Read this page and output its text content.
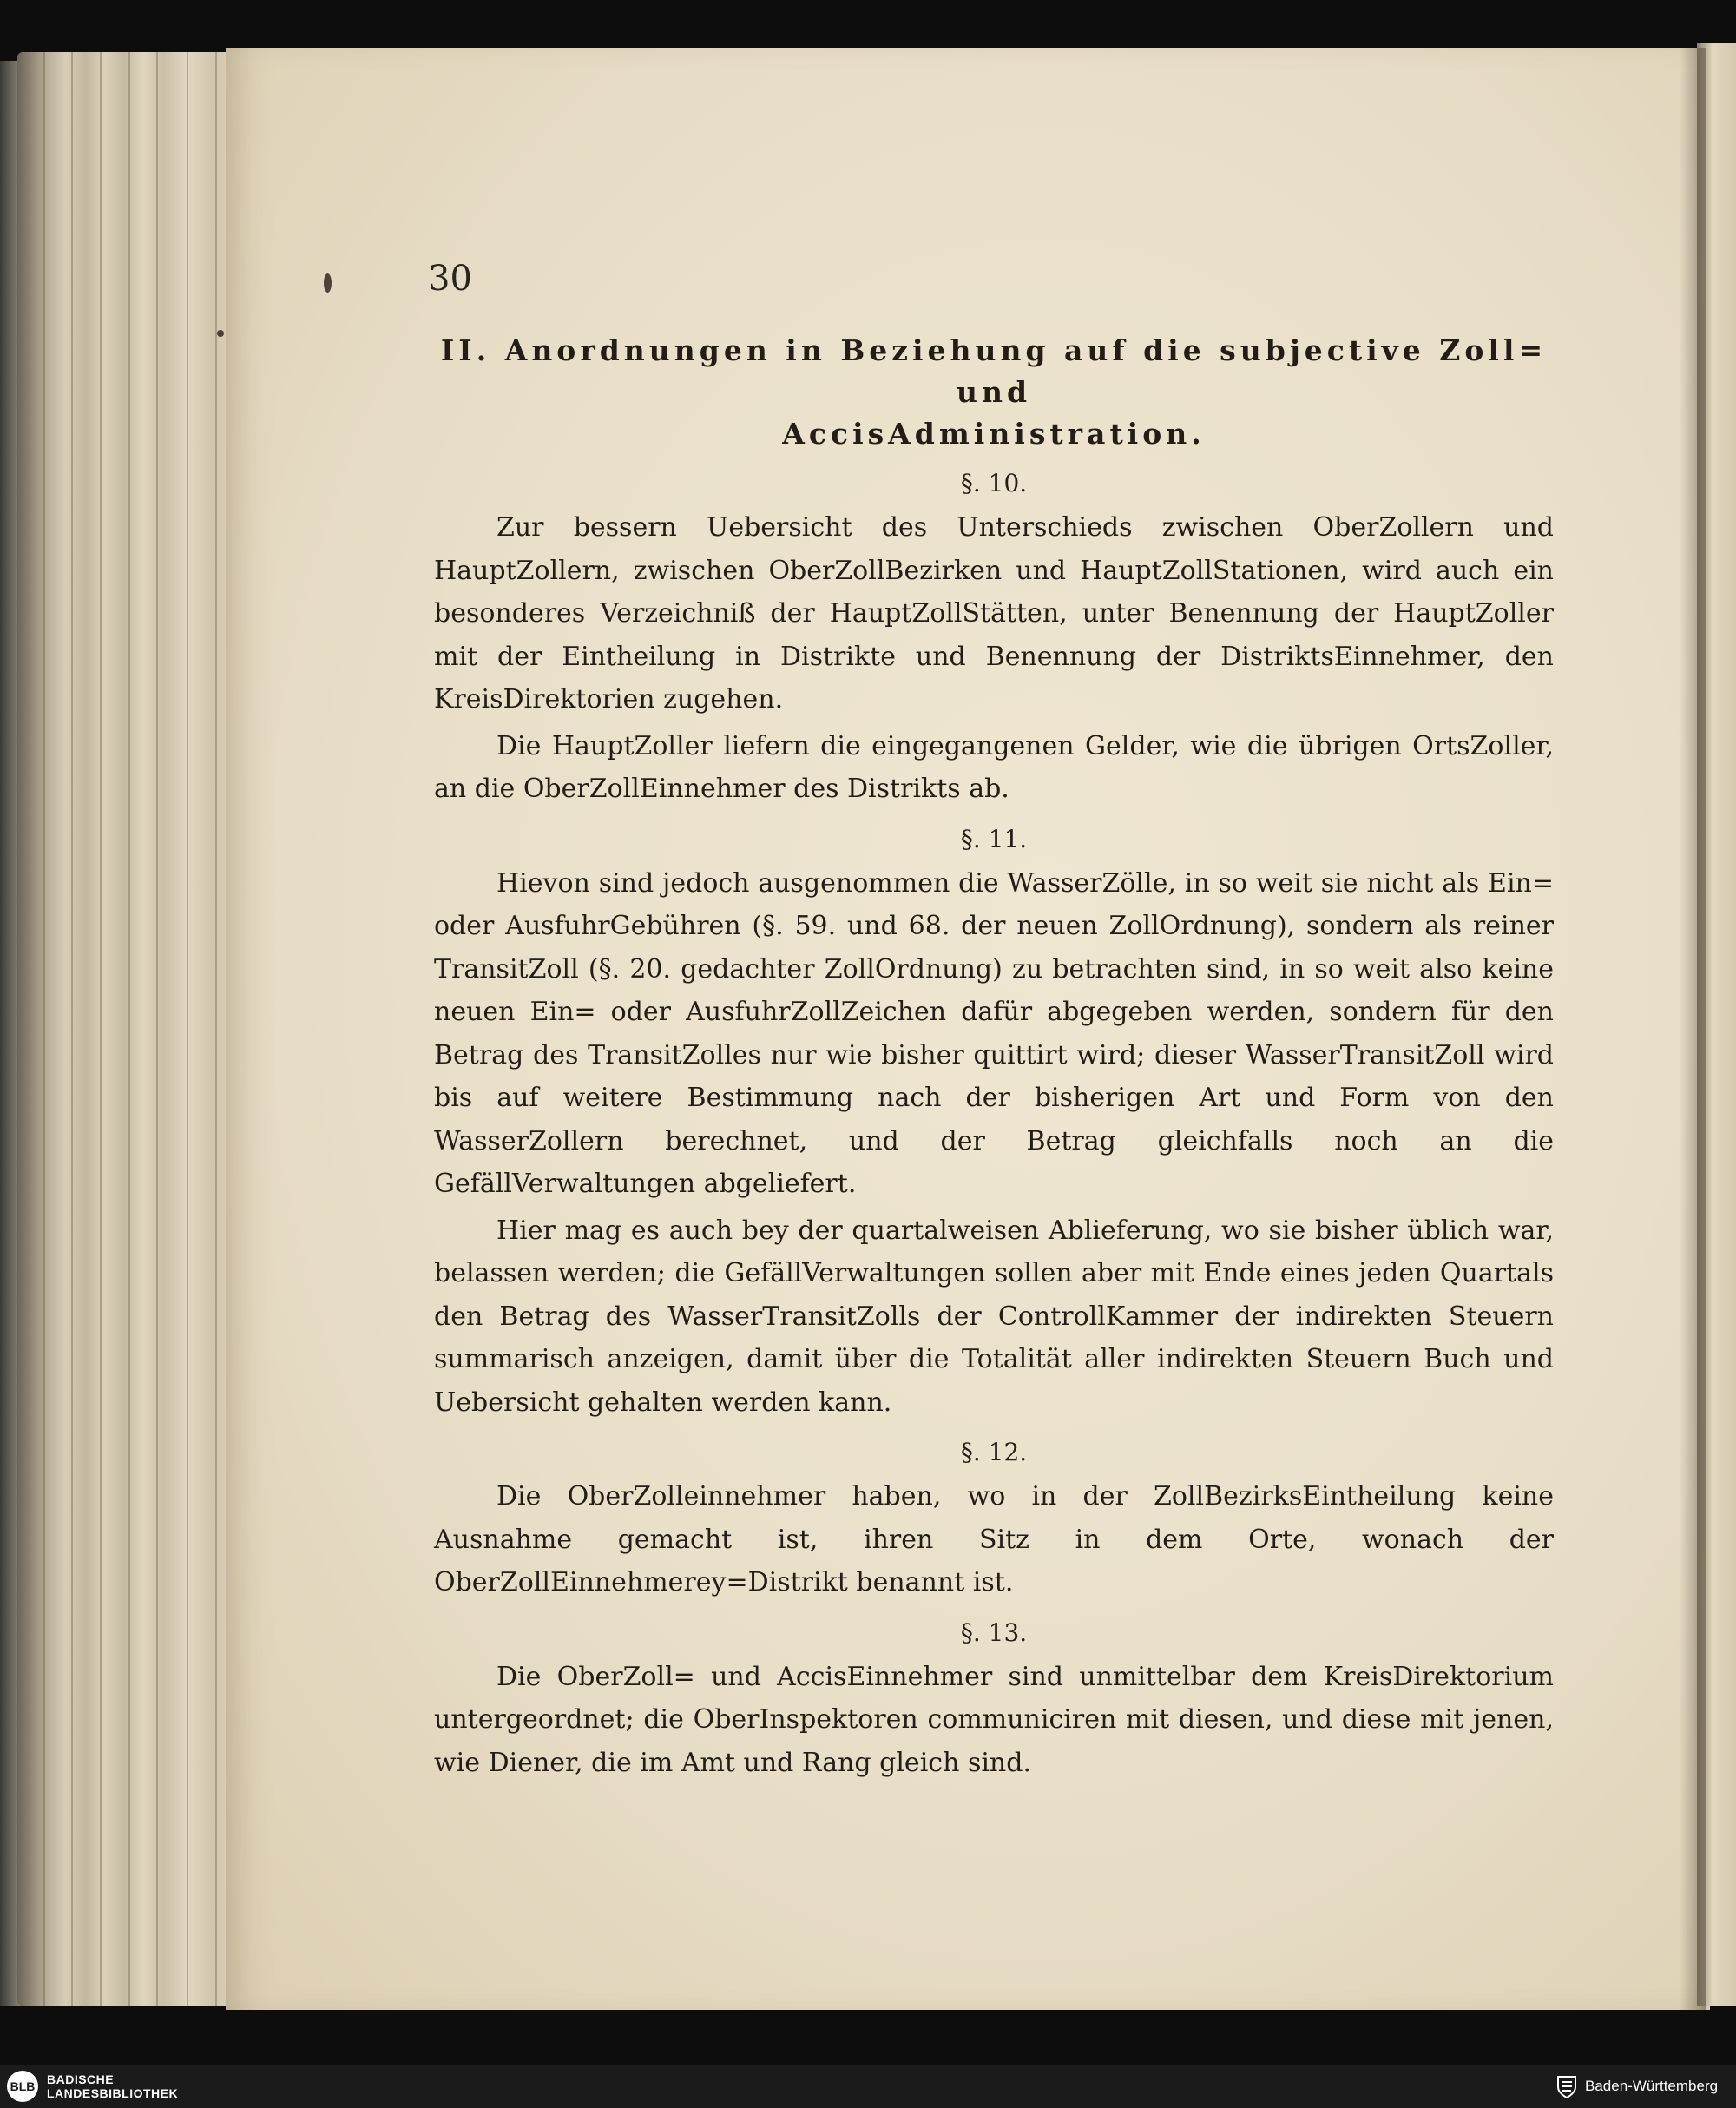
30
II. Anordnungen in Beziehung auf die subjective Zoll= und
AccisAdministration.
§. 10.

Zur bessern Uebersicht des Unterschieds zwischen OberZollern und HauptZollern, zwischen OberZollBezirken und HauptZollStationen, wird auch ein besonderes Verzeichniß der HauptZollStätten, unter Benennung der HauptZoller mit der Eintheilung in Distrikte und Benennung der DistriktsEinnehmer, den KreisDirektorien zugehen.

Die HauptZoller liefern die eingegangenen Gelder, wie die übrigen OrtsZoller, an die OberZollEinnehmer des Distrikts ab.

§. 11.

Hievon sind jedoch ausgenommen die WasserZölle, in so weit sie nicht als Ein= oder AusfuhrGebühren (§. 59. und 68. der neuen ZollOrdnung), sondern als reiner TransitZoll (§. 20. gedachter ZollOrdnung) zu betrachten sind, in so weit also keine neuen Ein= oder AusfuhrZollZeichen dafür abgegeben werden, sondern für den Betrag des TransitZolles nur wie bisher quittirt wird; dieser WasserTransitZoll wird bis auf weitere Bestimmung nach der bisherigen Art und Form von den WasserZollern berechnet, und der Betrag gleichfalls noch an die GefällVerwaltungen abgeliefert.

Hier mag es auch bey der quartalweisen Ablieferung, wo sie bisher üblich war, belassen werden; die GefällVerwaltungen sollen aber mit Ende eines jeden Quartals den Betrag des WasserTransitZolls der ControllKammer der indirekten Steuern summarisch anzeigen, damit über die Totalität aller indirekten Steuern Buch und Uebersicht gehalten werden kann.

§. 12.

Die OberZolleinnehmer haben, wo in der ZollBezirksEintheilung keine Ausnahme gemacht ist, ihren Sitz in dem Orte, wonach der OberZollEinnehmerey=Distrikt benannt ist.

§. 13.

Die OberZoll= und AccisEinnehmer sind unmittelbar dem KreisDirektorium untergeordnet; die OberInspektoren communiciren mit diesen, und diese mit jenen, wie Diener, die im Amt und Rang gleich sind.

BLB BADISCHE
LANDESBIBLIOTHEK	Baden-Württemberg
